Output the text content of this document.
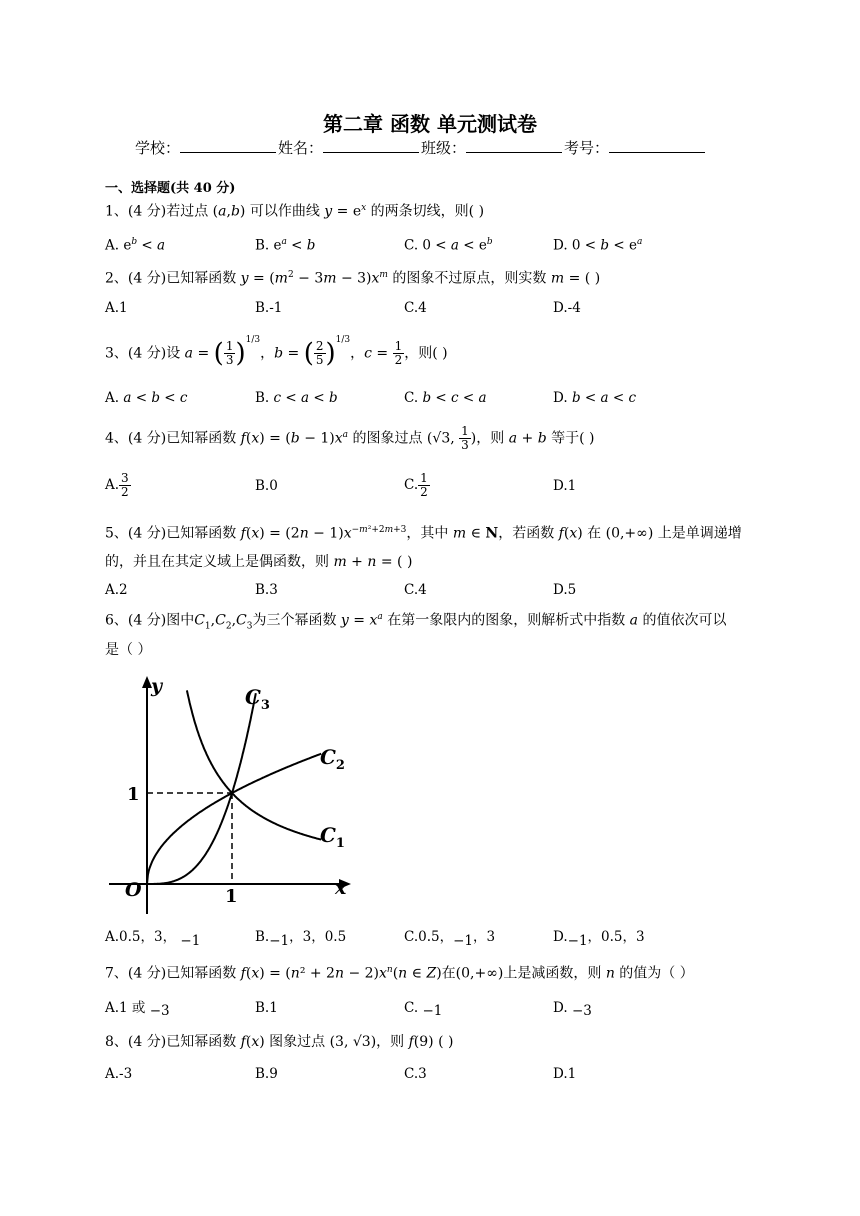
第二章 函数 单元测试卷
学校：	姓名：	班级：	考号：
一、选择题(共 40 分)
1、(4 分)若过点 (a,b) 可以作曲线 $y = e^x$ 的两条切线，则( )
A. $e^b < a$	B. $e^a < b$	C. $0 < a < e^b$	D. $0 < b < e^a$
2、(4 分)已知幂函数 $y = (m^2 - 3m - 3)x^m$ 的图象不过原点，则实数 m = ( )
A.1	B.-1	C.4	D.-4
3、(4 分)设 a = ( $\frac{1}{3} )^{1/3}$，b = ( $\frac{2}{5} )^{1/3}$，$c = \frac{1}{2}$ ，则( )
A. a < b < c	B. c < a < b	C. b < c < a	D. b < a < c
4、(4 分)已知幂函数 $f(x) = (b - 1)x^a$ 的图象过点 (√3, $\frac{1}{3}$ )，则 a + b 等于( )
A. $\frac{3}{2}$	B.0	C. $\frac{1}{2}$	D.1
5、(4 分)已知幂函数 $f(x) = (2n - 1)x^{-m^2+2m+3}$，其中 m ∈ N，若函数 f(x) 在 (0,+∞) 上是单调递增
的，并且在其定义域上是偶函数，则 m + n = ( )
A.2	B.3	C.4	D.5
6、(4 分)图中$C_1,C_2,C_3$为三个幂函数 $y = x^a$ 在第一象限内的图象，则解析式中指数 a 的值依次可以
是（ ）
y
x
O	1
1
$C_3$
$C_2$
$C_1$
A.0.5，3， −1	B.−1，3，0.5	C.0.5，−1，3	D.−1，0.5，3
7、(4 分)已知幂函数 $f(x) = (n^2 + 2n - 2)x^n(n$ ∈ Z)在(0,+∞)上是减函数，则 n 的值为（ ）
A.1 或 −3	B.1	C. −1	D. −3
8、(4 分)已知幂函数 f(x) 图象过点 (3, √3)，则 f(9) ( )
A.-3	B.9	C.3	D.1
